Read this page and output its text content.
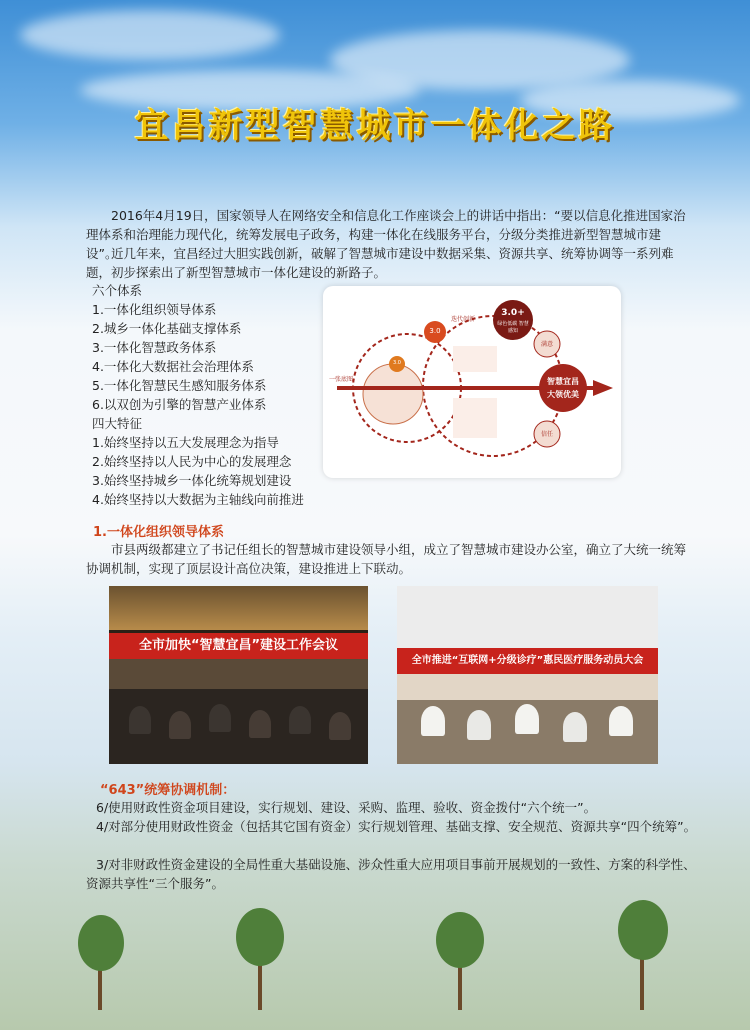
宜昌新型智慧城市一体化之路
2016年4月19日，国家领导人在网络安全和信息化工作座谈会上的讲话中指出：“要以信息化推进国家治理体系和治理能力现代化，统筹发展电子政务，构建一体化在线服务平台，分级分类推进新型智慧城市建设”。
近几年来，宜昌经过大胆实践创新，破解了智慧城市建设中数据采集、资源共享、统筹协调等一系列难题，初步探索出了新型智慧城市一体化建设的新路子。
六个体系
1.一体化组织领导体系
2.城乡一体化基础支撑体系
3.一体化智慧政务体系
4.一体化大数据社会治理体系
5.一体化智慧民生感知服务体系
6.以双创为引擎的智慧产业体系
四大特征
1.始终坚持以五大发展理念为指导
2.始终坚持以人民为中心的发展理念
3.始终坚持城乡一体化统筹规划建设
4.始终坚持以大数据为主轴线向前推进
3.0+
绿色低碳 智慧感知
3.0
3.0
智慧宜昌
大领优美
一张底图
满意
信任
迭代创新
1.一体化组织领导体系
市县两级都建立了书记任组长的智慧城市建设领导小组，成立了智慧城市建设办公室，确立了大统一统筹协调机制，实现了顶层设计高位决策，建设推进上下联动。
全市加快“智慧宜昌”建设工作会议
全市推进“互联网+分级诊疗”惠民医疗服务动员大会
“643”统筹协调机制：
6/使用财政性资金项目建设，实行规划、建设、采购、监理、验收、资金拨付“六个统一”。
4/对部分使用财政性资金（包括其它国有资金）实行规划管理、基础支撑、安全规范、资源共享“四个统筹”。
3/对非财政性资金建设的全局性重大基础设施、涉众性重大应用项目事前开展规划的一致性、方案的科学性、资源共享性“三个服务”。
